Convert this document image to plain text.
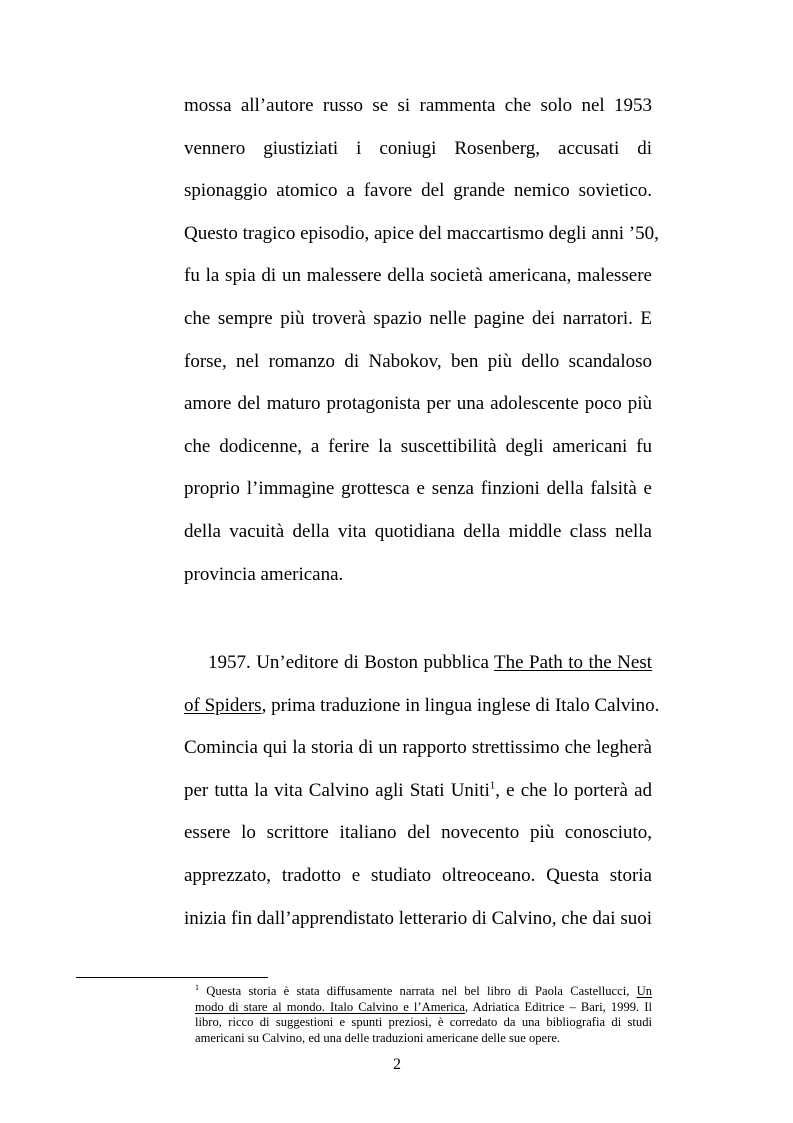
mossa all’autore russo se si rammenta che solo nel 1953
vennero giustiziati i coniugi Rosenberg, accusati di
spionaggio atomico a favore del grande nemico sovietico.
Questo tragico episodio, apice del maccartismo degli anni ’50,
fu la spia di un malessere della società americana, malessere
che sempre più troverà spazio nelle pagine dei narratori. E
forse, nel romanzo di Nabokov, ben più dello scandaloso
amore del maturo protagonista per una adolescente poco più
che dodicenne, a ferire la suscettibilità degli americani fu
proprio l’immagine grottesca e senza finzioni della falsità e
della vacuità della vita quotidiana della middle class nella
provincia americana.

1957. Un’editore di Boston pubblica The Path to the Nest
of Spiders, prima traduzione in lingua inglese di Italo Calvino.
Comincia qui la storia di un rapporto strettissimo che legherà
per tutta la vita Calvino agli Stati Uniti$^1$, e che lo porterà ad
essere lo scrittore italiano del novecento più conosciuto,
apprezzato, tradotto e studiato oltreoceano. Questa storia
inizia fin dall’apprendistato letterario di Calvino, che dai suoi

$^1$ Questa storia è stata diffusamente narrata nel bel libro di Paola Castellucci, Un
modo di stare al mondo. Italo Calvino e l’America, Adriatica Editrice – Bari, 1999. Il
libro, ricco di suggestioni e spunti preziosi, è corredato da una bibliografia di studi
americani su Calvino, ed una delle traduzioni americane delle sue opere.
2
